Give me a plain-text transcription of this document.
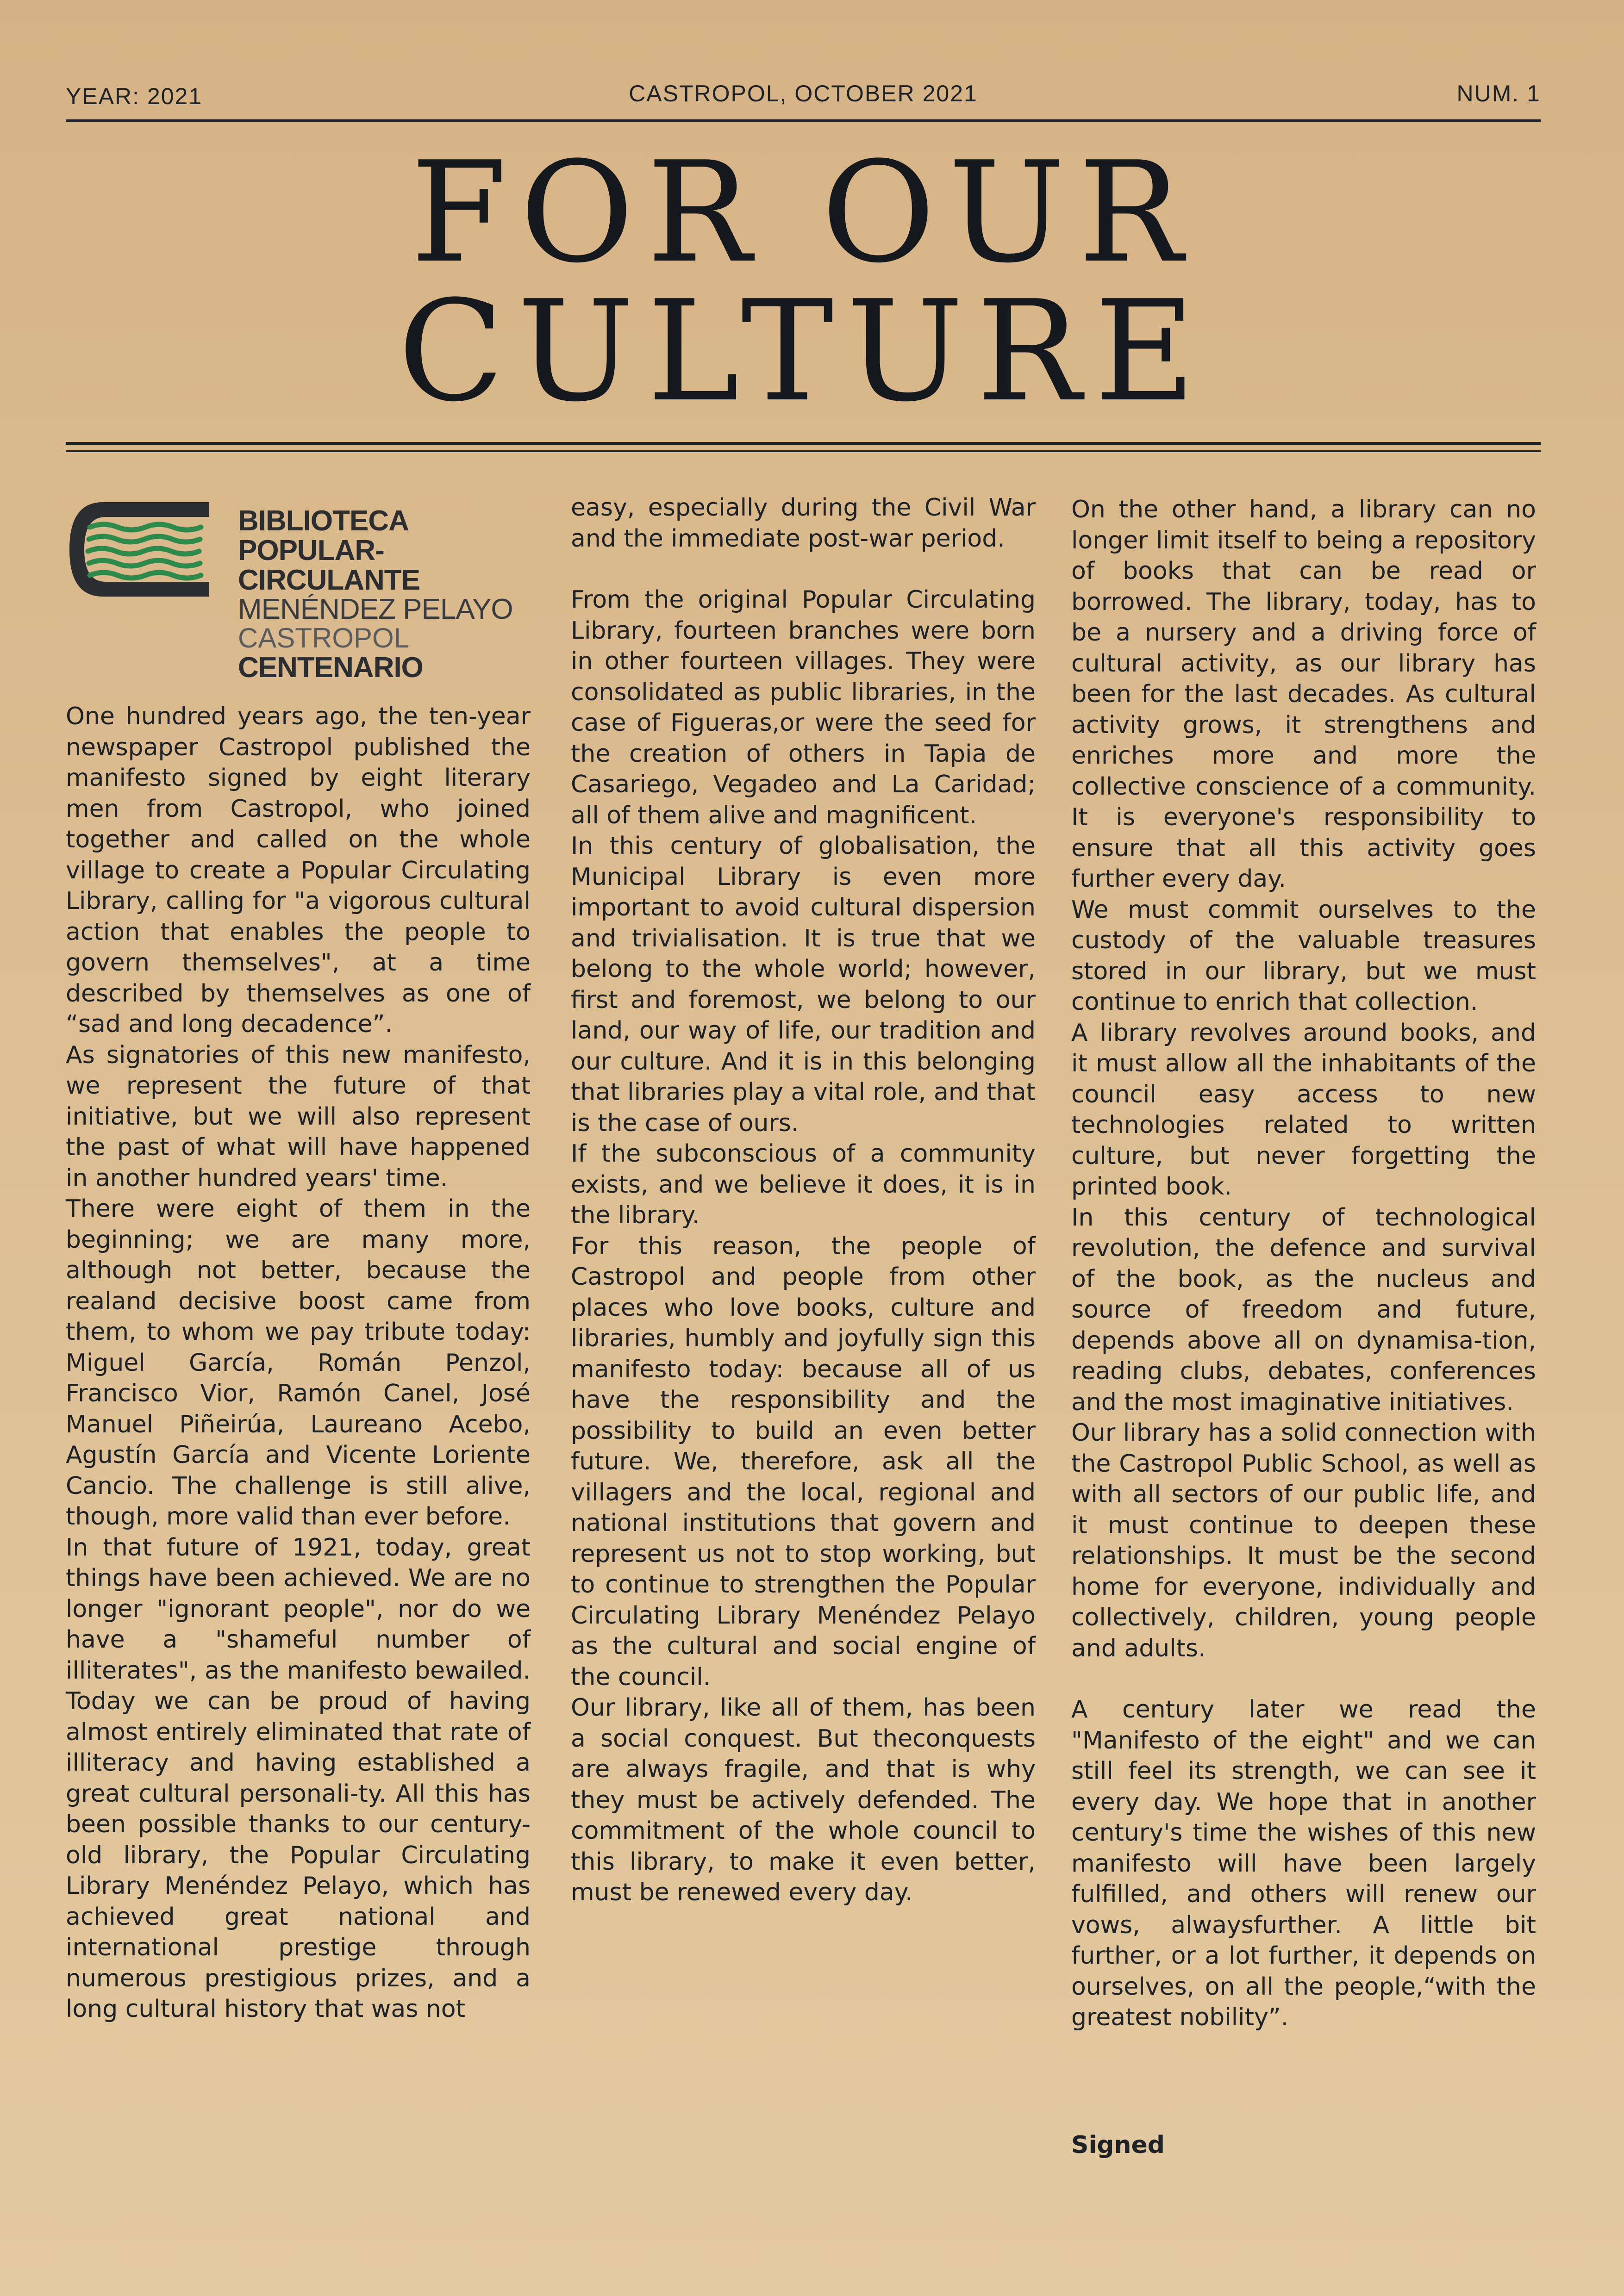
YEAR: 2021	CASTROPOL, OCTOBER 2021	NUM. 1
FOR OUR
CULTURE
BIBLIOTECA
POPULAR-CIRCULANTE
MENÉNDEZ PELAYO
CASTROPOL
CENTENARIO

One hundred years ago, the ten-year newspaper Castropol published the manifesto signed by eight literary men from Castropol, who joined together and called on the whole village to create a Popular Circulating Library, calling for "a vigorous cultural action that enables the people to govern themselves", at a time described by themselves as one of “sad and long decadence”.

As signatories of this new manifesto, we represent the future of that initiative, but we will also represent the past of what will have happened in another hundred years' time.

There were eight of them in the beginning; we are many more, although not better, because the realand decisive boost came from them, to whom we pay tribute today: Miguel García, Román Penzol, Francisco Vior, Ramón Canel, José Manuel Piñeirúa, Laureano Acebo, Agustín García and Vicente Loriente Cancio. The challenge is still alive, though, more valid than ever before.

In that future of 1921, today, great things have been achieved. We are no longer "ignorant people", nor do we have a "shameful number of illiterates", as the manifesto bewailed. Today we can be proud of having almost entirely eliminated that rate of illiteracy and having established a great cultural personali-ty. All this has been possible thanks to our century-old library, the Popular Circulating Library Menéndez Pelayo, which has achieved great national and international prestige through numerous prestigious prizes, and a long cultural history that was not

easy, especially during the Civil War and the immediate post-war period.

From the original Popular Circulating Library, fourteen branches were born in other fourteen villages. They were consolidated as public libraries, in the case of Figueras,or were the seed for the creation of others in Tapia de Casariego, Vegadeo and La Caridad; all of them alive and magnificent.

In this century of globalisation, the Municipal Library is even more important to avoid cultural dispersion and trivialisation. It is true that we belong to the whole world; however, first and foremost, we belong to our land, our way of life, our tradition and our culture. And it is in this belonging that libraries play a vital role, and that is the case of ours.

If the subconscious of a community exists, and we believe it does, it is in the library.

For this reason, the people of Castropol and people from other places who love books, culture and libraries, humbly and joyfully sign this manifesto today: because all of us have the responsibility and the possibility to build an even better future. We, therefore, ask all the villagers and the local, regional and national institutions that govern and represent us not to stop working, but to continue to strengthen the Popular Circulating Library Menéndez Pelayo as the cultural and social engine of the council.

Our library, like all of them, has been a social conquest. But theconquests are always fragile, and that is why they must be actively defended. The commitment of the whole council to this library, to make it even better, must be renewed every day.

On the other hand, a library can no longer limit itself to being a repository of books that can be read or borrowed. The library, today, has to be a nursery and a driving force of cultural activity, as our library has been for the last decades. As cultural activity grows, it strengthens and enriches more and more the collective conscience of a community. It is everyone's responsibility to ensure that all this activity goes further every day.

We must commit ourselves to the custody of the valuable treasures stored in our library, but we must continue to enrich that collection.

A library revolves around books, and it must allow all the inhabitants of the council easy access to new technologies related to written culture, but never forgetting the printed book.

In this century of technological revolution, the defence and survival of the book, as the nucleus and source of freedom and future, depends above all on dynamisa-tion, reading clubs, debates, conferences and the most imaginative initiatives.

Our library has a solid connection with the Castropol Public School, as well as with all sectors of our public life, and it must continue to deepen these relationships. It must be the second home for everyone, individually and collectively, children, young people and adults.

A century later we read the "Manifesto of the eight" and we can still feel its strength, we can see it every day. We hope that in another century's time the wishes of this new manifesto will have been largely fulfilled, and others will renew our vows, alwaysfurther. A little bit further, or a lot further, it depends on ourselves, on all the people,“with the greatest nobility”.

Signed
